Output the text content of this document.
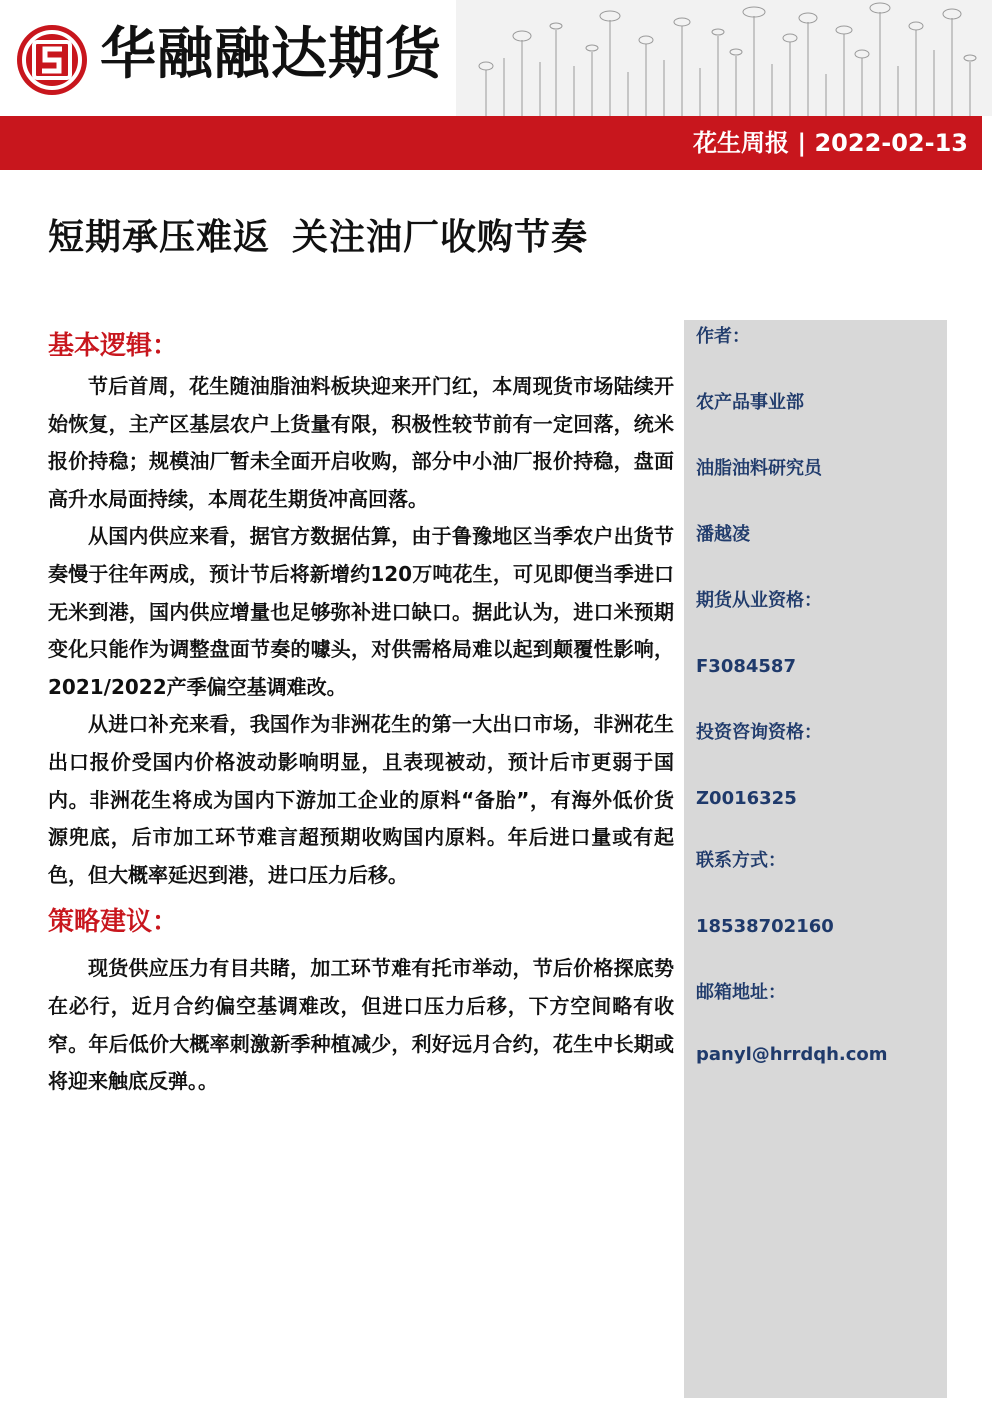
华融融达期货
花生周报 | 2022-02-13
短期承压难返 关注油厂收购节奏
基本逻辑：

节后首周，花生随油脂油料板块迎来开门红，本周现货市场陆续开始恢复，主产区基层农户上货量有限，积极性较节前有一定回落，统米报价持稳；规模油厂暂未全面开启收购，部分中小油厂报价持稳，盘面高升水局面持续，本周花生期货冲高回落。

从国内供应来看，据官方数据估算，由于鲁豫地区当季农户出货节奏慢于往年两成，预计节后将新增约120万吨花生，可见即便当季进口无米到港，国内供应增量也足够弥补进口缺口。据此认为，进口米预期变化只能作为调整盘面节奏的噱头，对供需格局难以起到颠覆性影响，2021/2022产季偏空基调难改。

从进口补充来看，我国作为非洲花生的第一大出口市场，非洲花生出口报价受国内价格波动影响明显，且表现被动，预计后市更弱于国内。非洲花生将成为国内下游加工企业的原料“备胎”，有海外低价货源兜底，后市加工环节难言超预期收购国内原料。年后进口量或有起色，但大概率延迟到港，进口压力后移。

策略建议：

现货供应压力有目共睹，加工环节难有托市举动，节后价格探底势在必行，近月合约偏空基调难改，但进口压力后移，下方空间略有收窄。年后低价大概率刺激新季种植减少，利好远月合约，花生中长期或将迎来触底反弹。。

作者：
农产品事业部
油脂油料研究员
潘越凌
期货从业资格：
F3084587
投资咨询资格：
Z0016325
联系方式：
18538702160
邮箱地址：
panyl@hrrdqh.com
